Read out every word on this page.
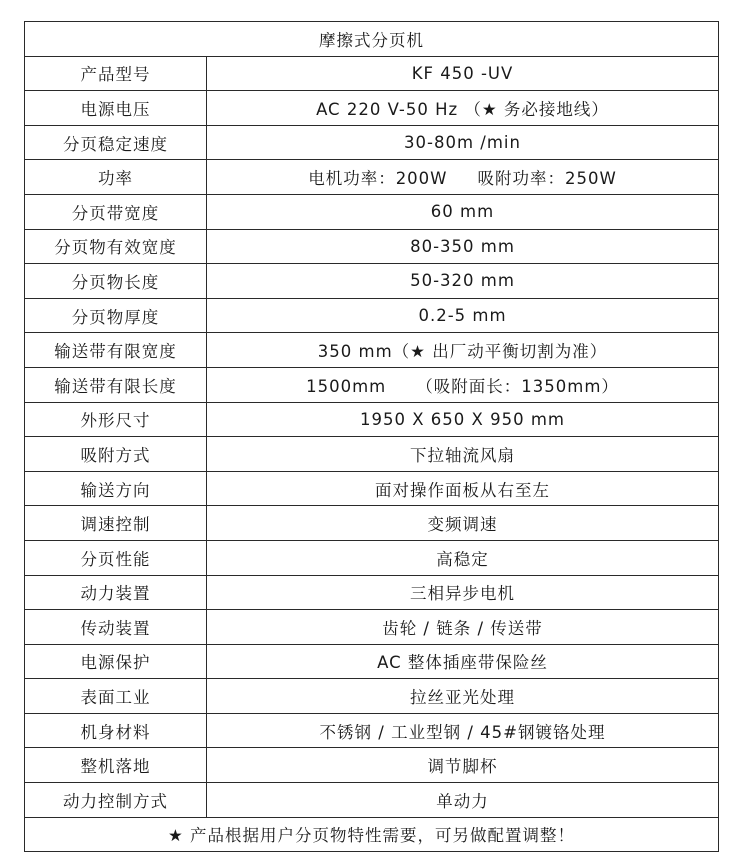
摩擦式分页机	
产品型号	KF 450 -UV
电源电压	AC 220 V-50 Hz （★ 务必接地线）
分页稳定速度	30-80m /min
功率	电机功率：200W 吸附功率：250W
分页带宽度	60 mm
分页物有效宽度	80-350 mm
分页物长度	50-320 mm
分页物厚度	0.2-5 mm
输送带有限宽度	350 mm（★ 出厂动平衡切割为准）
输送带有限长度	1500mm （吸附面长：1350mm）
外形尺寸	1950 X 650 X 950 mm
吸附方式	下拉轴流风扇
输送方向	面对操作面板从右至左
调速控制	变频调速
分页性能	高稳定
动力装置	三相异步电机
传动装置	齿轮 / 链条 / 传送带
电源保护	AC 整体插座带保险丝
表面工业	拉丝亚光处理
机身材料	不锈钢 / 工业型钢 / 45#钢镀铬处理
整机落地	调节脚杯
动力控制方式	单动力
★ 产品根据用户分页物特性需要，可另做配置调整！	
